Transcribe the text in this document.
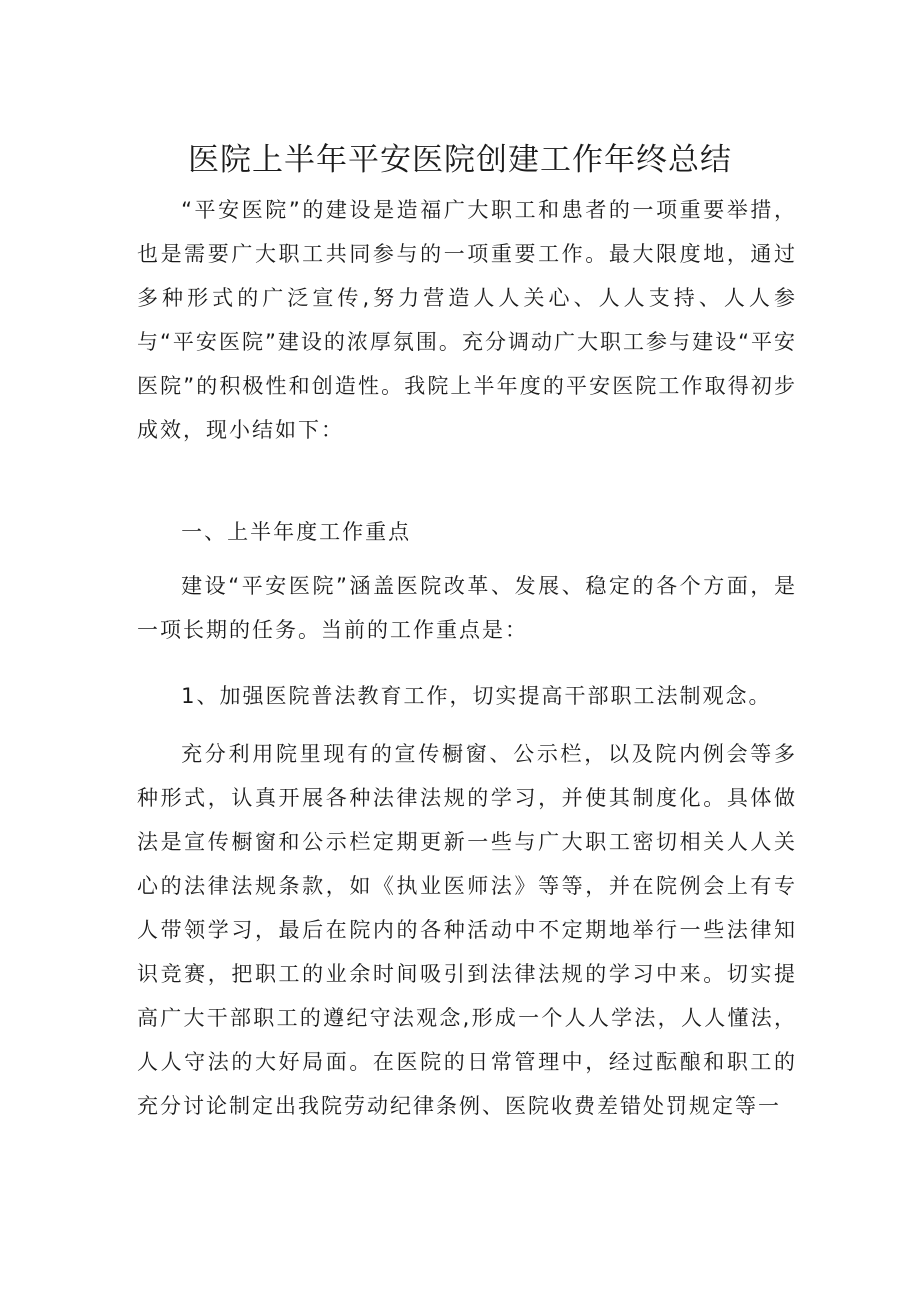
医院上半年平安医院创建工作年终总结

“平安医院”的建设是造福广大职工和患者的一项重要举措，也是需要广大职工共同参与的一项重要工作。最大限度地，通过多种形式的广泛宣传,努力营造人人关心、人人支持、人人参与“平安医院”建设的浓厚氛围。充分调动广大职工参与建设“平安医院”的积极性和创造性。我院上半年度的平安医院工作取得初步成效，现小结如下：

一、上半年度工作重点

建设“平安医院”涵盖医院改革、发展、稳定的各个方面，是一项长期的任务。当前的工作重点是：

1、加强医院普法教育工作，切实提高干部职工法制观念。

充分利用院里现有的宣传橱窗、公示栏，以及院内例会等多种形式，认真开展各种法律法规的学习，并使其制度化。具体做法是宣传橱窗和公示栏定期更新一些与广大职工密切相关人人关心的法律法规条款，如《执业医师法》等等，并在院例会上有专人带领学习，最后在院内的各种活动中不定期地举行一些法律知识竞赛，把职工的业余时间吸引到法律法规的学习中来。切实提高广大干部职工的遵纪守法观念,形成一个人人学法，人人懂法，人人守法的大好局面。在医院的日常管理中，经过酝酿和职工的充分讨论制定出我院劳动纪律条例、医院收费差错处罚规定等一
